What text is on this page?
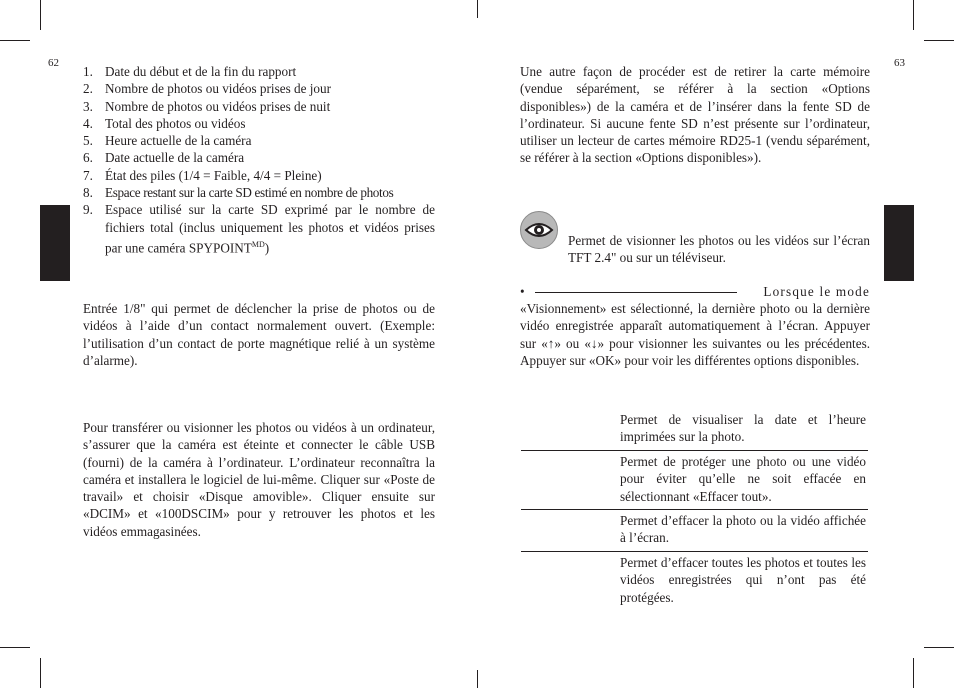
62	63
1. Date du début et de la fin du rapport
2. Nombre de photos ou vidéos prises de jour
3. Nombre de photos ou vidéos prises de nuit
4. Total des photos ou vidéos
5. Heure actuelle de la caméra
6. Date actuelle de la caméra
7. État des piles (1/4 = Faible, 4/4 = Pleine)
8. Espace restant sur la carte SD estimé en nombre de photos
9. Espace utilisé sur la carte SD exprimé par le nombre de fichiers total (inclus uniquement les photos et vidéos prises par une caméra $SPYPOINT^{MD}$)

Entrée 1/8" qui permet de déclencher la prise de photos ou de vidéos à l’aide d’un contact normalement ouvert. (Exemple: l’utilisation d’un contact de porte magnétique relié à un système d’alarme).

Pour transférer ou visionner les photos ou vidéos à un ordinateur, s’assurer que la caméra est éteinte et connecter le câble USB (fourni) de la caméra à l’ordinateur. L’ordinateur reconnaîtra la caméra et installera le logiciel de lui-même. Cliquer sur «Poste de travail» et choisir «Disque amovible». Cliquer ensuite sur «DCIM» et «100DSCIM» pour y retrouver les photos et les vidéos emmagasinées.

Une autre façon de procéder est de retirer la carte mémoire (vendue séparément, se référer à la section «Options disponibles») de la caméra et de l’insérer dans la fente SD de l’ordinateur. Si aucune fente SD n’est présente sur l’ordinateur, utiliser un lecteur de cartes mémoire RD25-1 (vendu séparément, se référer à la section «Options disponibles»).

Permet de visionner les photos ou les vidéos sur l’écran TFT 2.4" ou sur un téléviseur.

•	Lorsque le mode

«Visionnement» est sélectionné, la dernière photo ou la dernière vidéo enregistrée apparaît automatiquement à l’écran. Appuyer sur «↑» ou «↓» pour visionner les suivantes ou les précédentes. Appuyer sur «OK» pour voir les différentes options disponibles.

Permet de visualiser la date et l’heure imprimées sur la photo.

Permet de protéger une photo ou une vidéo pour éviter qu’elle ne soit effacée en sélectionnant «Effacer tout».

Permet d’effacer la photo ou la vidéo affichée à l’écran.

Permet d’effacer toutes les photos et toutes les vidéos enregistrées qui n’ont pas été protégées.
